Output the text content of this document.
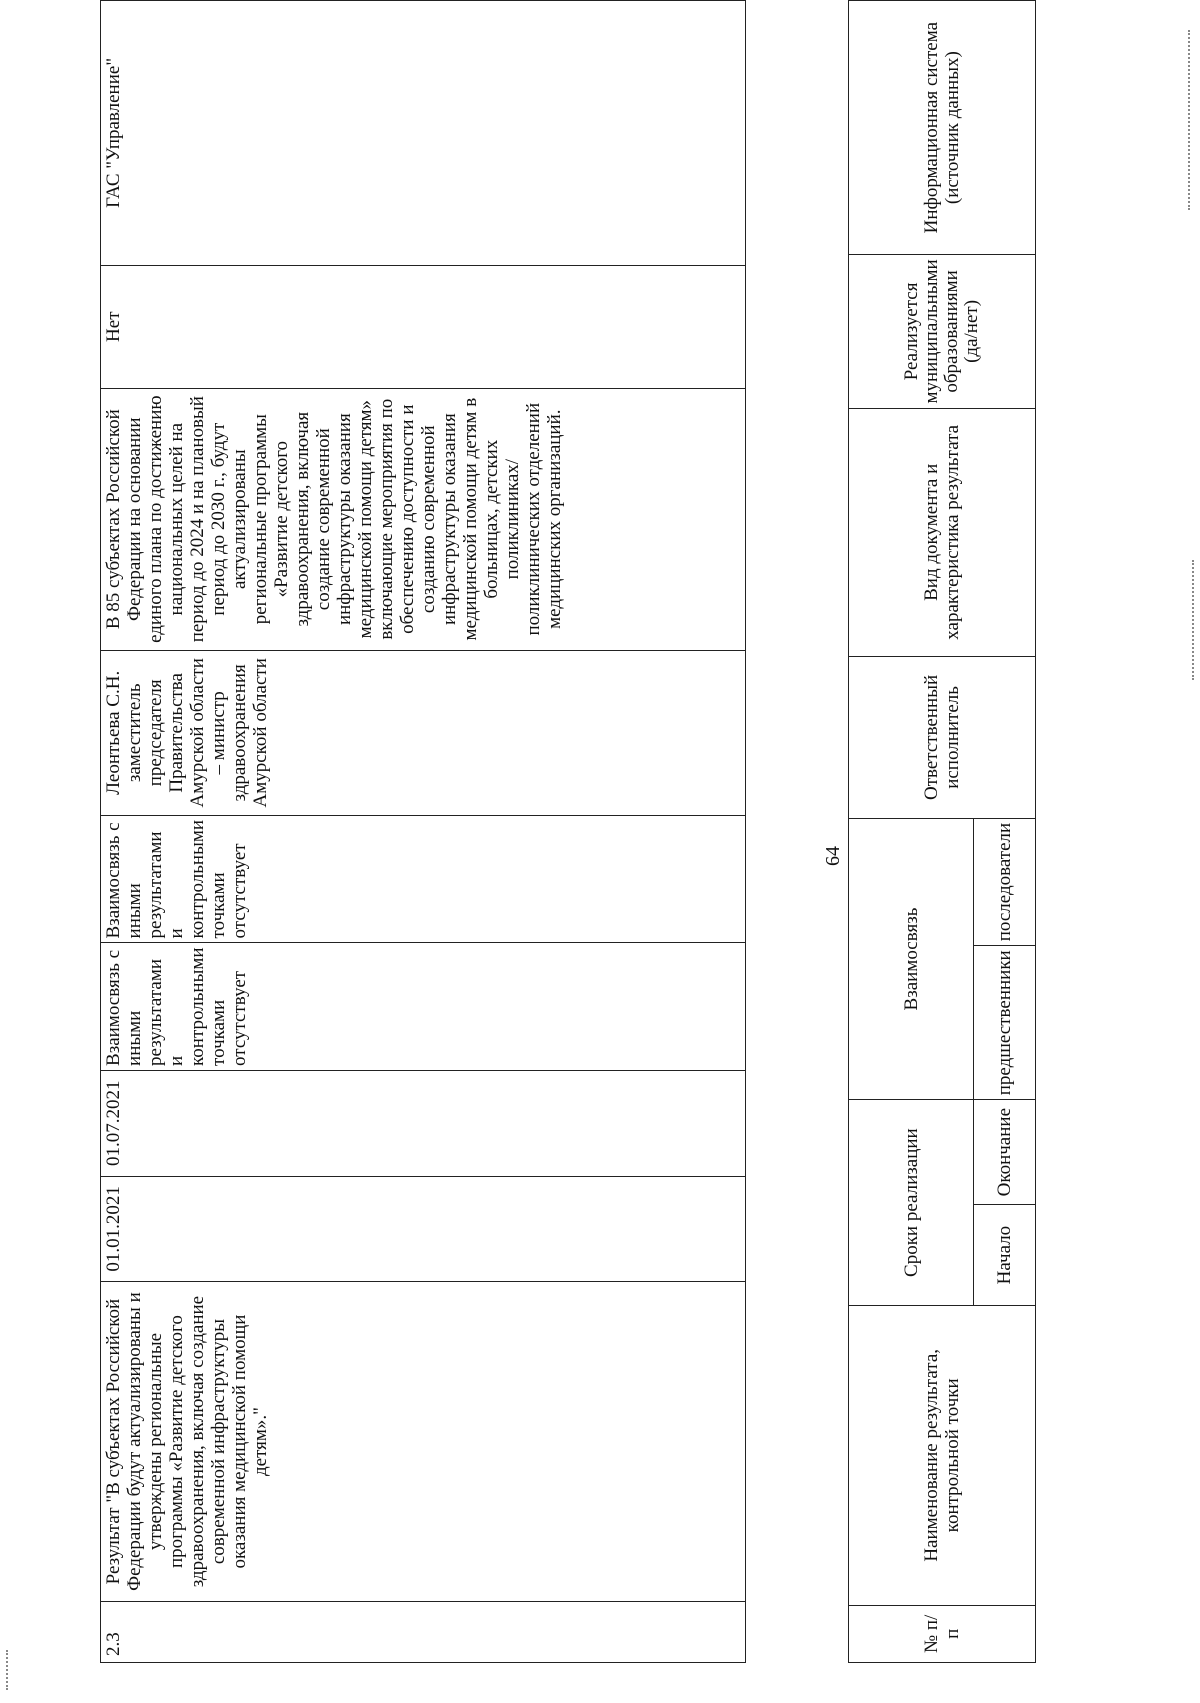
2.3	Результат "В субъектах Российской Федерации будут актуализированы и утверждены региональные программы «Развитие детского здравоохранения, включая создание современной инфраструктуры оказания медицинской помощи детям»."	01.01.2021	01.07.2021	Взаимосвязь с иными результатами и контрольными точками отсутствует	Взаимосвязь с иными результатами и контрольными точками отсутствует	Леонтьева С.Н. заместитель председателя Правительства Амурской области – министр здравоохранения Амурской области	В 85 субъектах Российской Федерации на основании единого плана по достижению национальных целей на период до 2024 и на плановый период до 2030 г., будут актуализированы региональные программы «Развитие детского здравоохранения, включая создание современной инфраструктуры оказания медицинской помощи детям» включающие мероприятия по обеспечению доступности и созданию современной инфраструктуры оказания медицинской помощи детям в больницах, детских поликлиниках/поликлинических отделений медицинских организаций.	Нет	ГАС "Управление"
64
№ п/п	Наименование результата, контрольной точки	Сроки реализации		Взаимосвязь		Ответственный исполнитель	Вид документа и характеристика результата	Реализуется муниципальными образованиями (да/нет)	Информационная система (источник данных)
		Начало	Окончание	предшественники	последователи				
